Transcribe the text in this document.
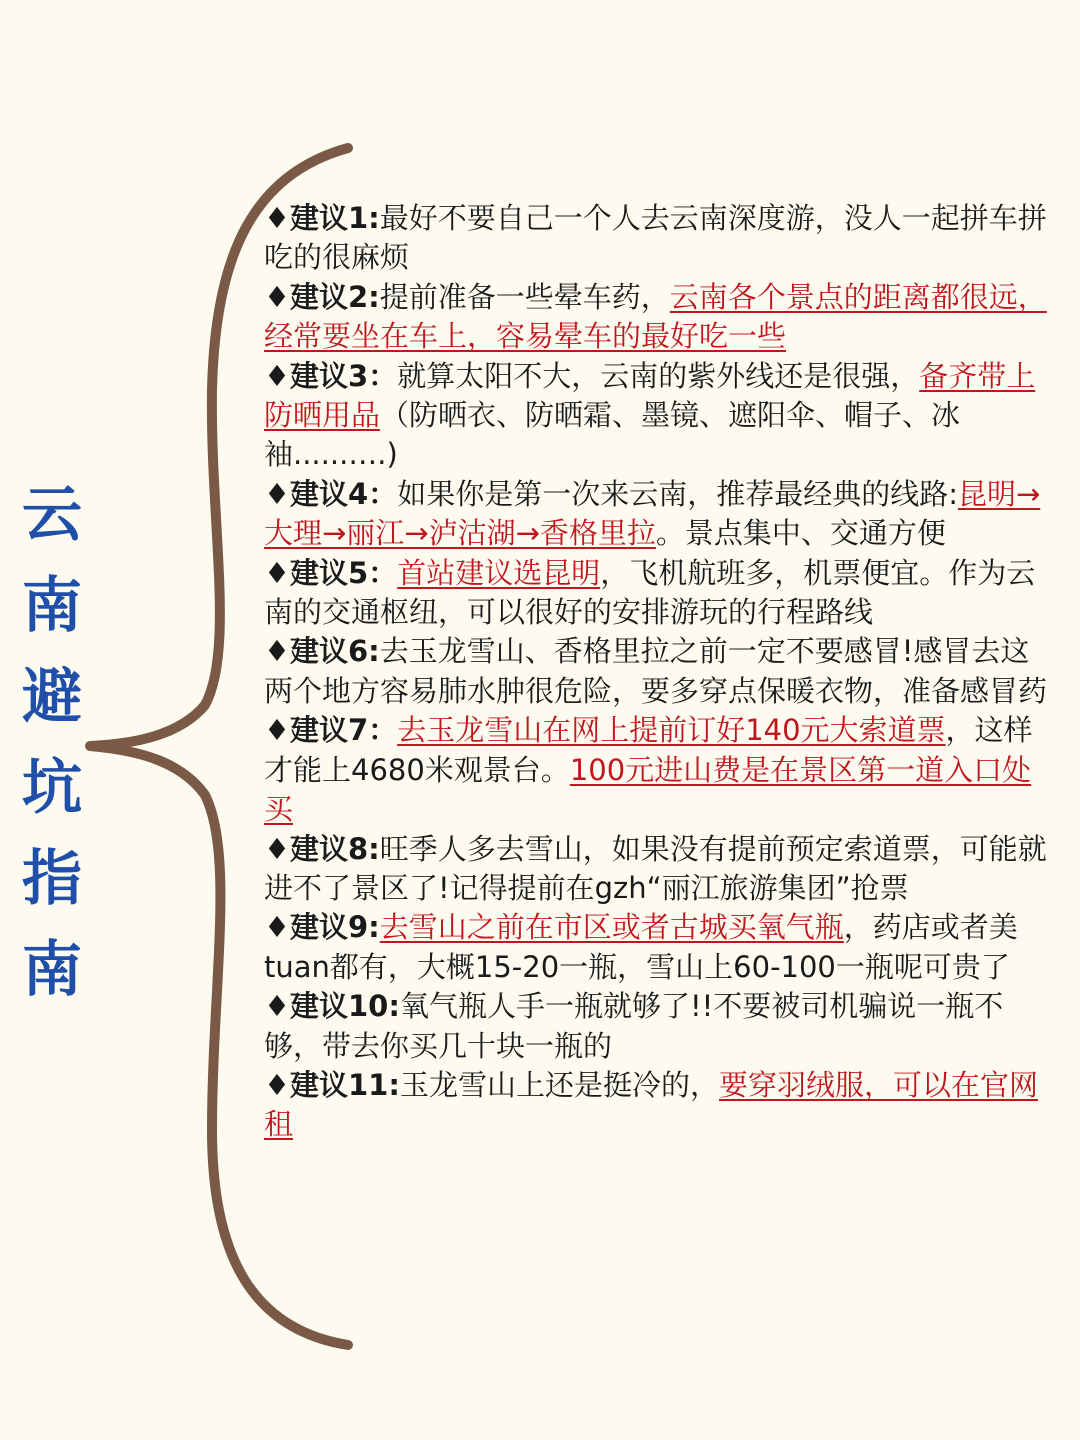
云
南
避
坑
指
南

♦建议1:最好不要自己一个人去云南深度游，没人一起拼车拼吃的很麻烦

♦建议2:提前准备一些晕车药，云南各个景点的距离都很远，经常要坐在车上，容易晕车的最好吃一些

♦建议3：就算太阳不大，云南的紫外线还是很强，备齐带上防晒用品（防晒衣、防晒霜、墨镜、遮阳伞、帽子、冰袖......….)

♦建议4：如果你是第一次来云南，推荐最经典的线路:昆明→大理→丽江→泸沽湖→香格里拉。景点集中、交通方便

♦建议5：首站建议选昆明，飞机航班多，机票便宜。作为云南的交通枢纽，可以很好的安排游玩的行程路线

♦建议6:去玉龙雪山、香格里拉之前一定不要感冒!感冒去这两个地方容易肺水肿很危险，要多穿点保暖衣物，准备感冒药

♦建议7：去玉龙雪山在网上提前订好140元大索道票，这样才能上4680米观景台。100元进山费是在景区第一道入口处买

♦建议8:旺季人多去雪山，如果没有提前预定索道票，可能就进不了景区了!记得提前在gzh“丽江旅游集团”抢票

♦建议9:去雪山之前在市区或者古城买氧气瓶，药店或者美tuan都有，大概15-20一瓶，雪山上60-100一瓶呢可贵了

♦建议10:氧气瓶人手一瓶就够了!!不要被司机骗说一瓶不够，带去你买几十块一瓶的

♦建议11:玉龙雪山上还是挺冷的，要穿羽绒服，可以在官网租
